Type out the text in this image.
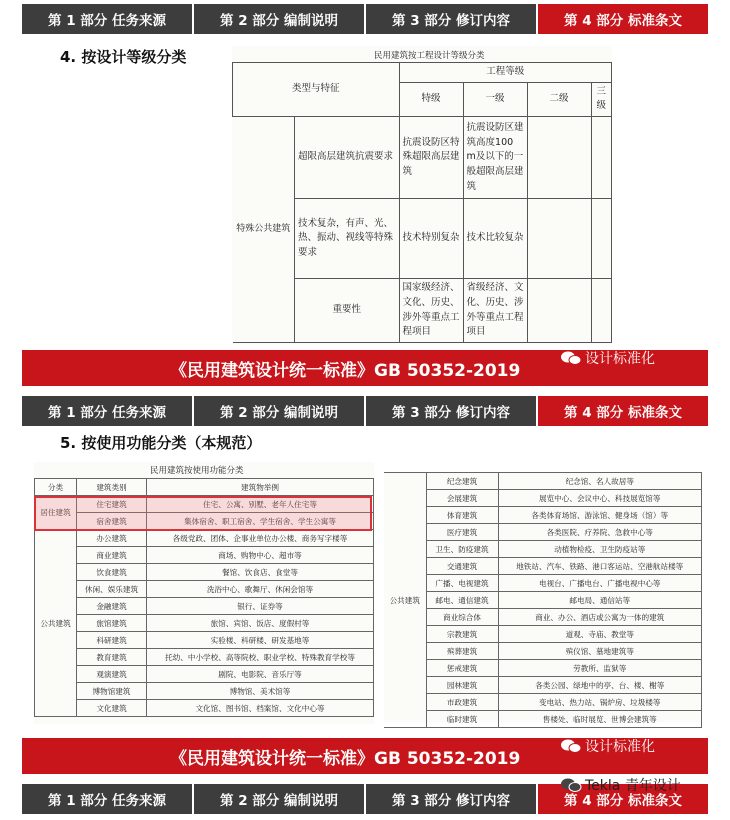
第 1 部分 任务来源	第 2 部分 编制说明	第 3 部分 修订内容	第 4 部分 标准条文
4. 按设计等级分类	民用建筑按工程设计等级分类
类型与特征		工程等级			
		特级	一级	二级	三级
特殊公共建筑	超限高层建筑抗震要求	抗震设防区特殊超限高层建筑	抗震设防区建筑高度100 m及以下的一般超限高层建筑		
	技术复杂，有声、光、热、振动、视线等特殊要求	技术特别复杂	技术比较复杂		
	重要性	国家级经济、文化、历史、涉外等重点工程项目	省级经济、文化、历史、涉外等重点工程项目		
《民用建筑设计统一标准》GB 50352-2019
设计标准化
第 1 部分 任务来源	第 2 部分 编制说明	第 3 部分 修订内容	第 4 部分 标准条文
5. 按使用功能分类（本规范）
民用建筑按使用功能分类
分类	建筑类别	建筑物举例
居住建筑	住宅建筑	住宅、公寓、别墅、老年人住宅等
	宿舍建筑	集体宿舍、职工宿舍、学生宿舍、学生公寓等
公共建筑	办公建筑	各级党政、团体、企事业单位办公楼、商务写字楼等
	商业建筑	商场、购物中心、超市等
	饮食建筑	餐馆、饮食店、食堂等
	休闲、娱乐建筑	洗浴中心、歌舞厅、休闲会馆等
	金融建筑	银行、证券等
	旅馆建筑	旅馆、宾馆、饭店、度假村等
	科研建筑	实验楼、科研楼、研发基地等
	教育建筑	托幼、中小学校、高等院校、职业学校、特殊教育学校等
	观演建筑	剧院、电影院、音乐厅等
	博物馆建筑	博物馆、美术馆等
	文化建筑	文化馆、图书馆、档案馆、文化中心等
公共建筑	纪念建筑	纪念馆、名人故居等
	会展建筑	展览中心、会议中心、科技展览馆等
	体育建筑	各类体育场馆、游泳馆、健身场（馆）等
	医疗建筑	各类医院、疗养院、急救中心等
	卫生、防疫建筑	动植物检疫、卫生防疫站等
	交通建筑	地铁站、汽车、铁路、港口客运站、空港航站楼等
	广播、电视建筑	电视台、广播电台、广播电视中心等
	邮电、通信建筑	邮电局、通信站等
	商业综合体	商业、办公、酒店或公寓为一体的建筑
	宗教建筑	道观、寺庙、教堂等
	殡葬建筑	殡仪馆、墓地建筑等
	惩戒建筑	劳教所、监狱等
	园林建筑	各类公园、绿地中的亭、台、楼、榭等
	市政建筑	变电站、热力站、锅炉房、垃圾楼等
	临时建筑	售楼处、临时展览、世博会建筑等
《民用建筑设计统一标准》GB 50352-2019
设计标准化
第 1 部分 任务来源	第 2 部分 编制说明	第 3 部分 修订内容	第 4 部分 标准条文
Tekla 青年设计
